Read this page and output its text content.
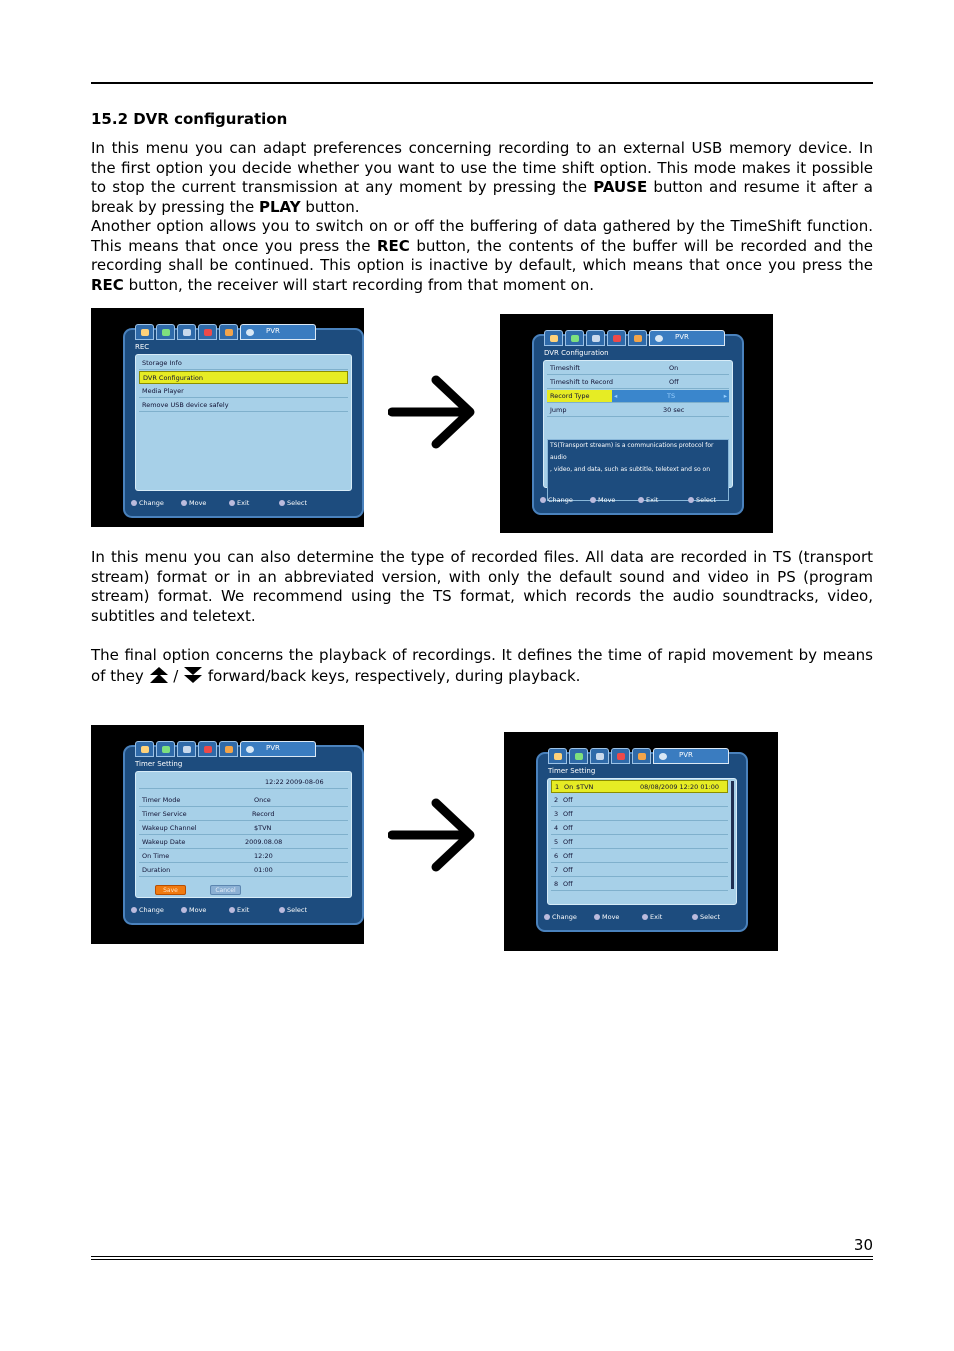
15.2 DVR configuration
In this menu you can adapt preferences concerning recording to an external USB memory device. In the first option you decide whether you want to use the time shift option. This mode makes it possible to stop the current transmission at any moment by pressing the PAUSE button and resume it after a break by pressing the PLAY button.
Another option allows you to switch on or off the buffering of data gathered by the TimeShift function. This means that once you press the REC button, the contents of the buffer will be recorded and the recording shall be continued. This option is inactive by default, which means that once you press the REC button, the receiver will start recording from that moment on.
PVR
REC
Storage Info
DVR Configuration
Media Player
Remove USB device safely
Change	Move	Exit	Select
PVR
DVR Configuration
Timeshift	On
Timeshift to Record	Off
Record Type	◂	TS	▸
Jump	30 sec
TS(Transport stream) is a communications protocol for audio
, video, and data, such as subtitle, teletext and so on
Change	Move	Exit	Select
In this menu you can also determine the type of recorded files. All data are recorded in TS (transport stream) format or in an abbreviated version, with only the default sound and video in PS (program stream) format. We recommend using the TS format, which records the audio soundtracks, video, subtitles and teletext.
The final option concerns the playback of recordings. It defines the time of rapid movement by means of they  /  forward/back keys, respectively, during playback.
PVR
Timer Setting
12:22 2009-08-06
Timer Mode	Once
Timer Service	Record
Wakeup Channel	$TVN
Wakeup Date	2009.08.08
On Time	12:20
Duration	01:00
Save	Cancel
Change	Move	Exit	Select
PVR
Timer Setting
1 On $TVN	08/08/2009 12:20 01:00
2 Off
3 Off
4 Off
5 Off
6 Off
7 Off
8 Off
Change	Move	Exit	Select
30
